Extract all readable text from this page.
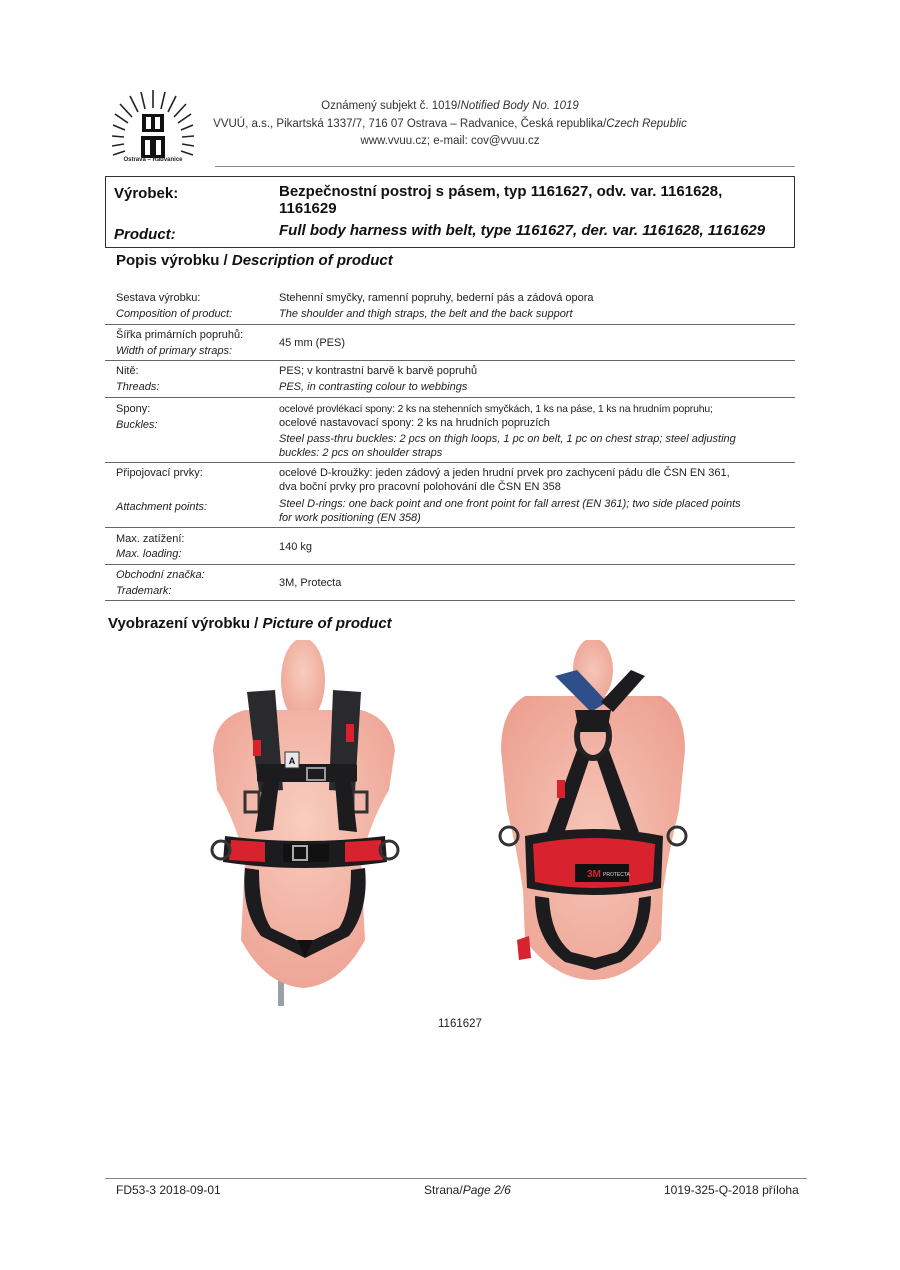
Ostrava – Radvanice
Oznámený subjekt č. 1019/Notified Body No. 1019
VVUÚ, a.s., Pikartská 1337/7, 716 07 Ostrava – Radvanice, Česká republika/Czech Republic
www.vvuu.cz; e-mail: cov@vvuu.cz
Výrobek:
Product:
Bezpečnostní postroj s pásem, typ 1161627, odv. var. 1161628,
1161629
Full body harness with belt, type 1161627, der. var. 1161628, 1161629
Popis výrobku / Description of product
Sestava výrobku:
Composition of product:
Stehenní smyčky, ramenní popruhy, bederní pás a zádová opora
The shoulder and thigh straps, the belt and the back support
Šířka primárních popruhů:
Width of primary straps:
45 mm (PES)
Nitě:
Threads:
PES; v kontrastní barvě k barvě popruhů
PES, in contrasting colour to webbings
Spony:
Buckles:
ocelové provlékací spony: 2 ks na stehenních smyčkách, 1 ks na páse, 1 ks na hrudním popruhu;
ocelové nastavovací spony: 2 ks na hrudních popruzích
Steel pass-thru buckles: 2 pcs on thigh loops, 1 pc on belt, 1 pc on chest strap; steel adjusting
buckles: 2 pcs on shoulder straps
Připojovací prvky:
Attachment points:
ocelové D-kroužky: jeden zádový a jeden hrudní prvek pro zachycení pádu dle ČSN EN 361,
dva boční prvky pro pracovní polohování dle ČSN EN 358
Steel D-rings: one back point and one front point for fall arrest (EN 361); two side placed points
for work positioning (EN 358)
Max. zatížení:
Max. loading:
140 kg
Obchodní značka:
Trademark:
3M, Protecta
Vyobrazení výrobku / Picture of product
A
3M PROTECTA
1161627
FD53-3 2018-09-01	Strana/Page 2/6	1019-325-Q-2018 příloha
